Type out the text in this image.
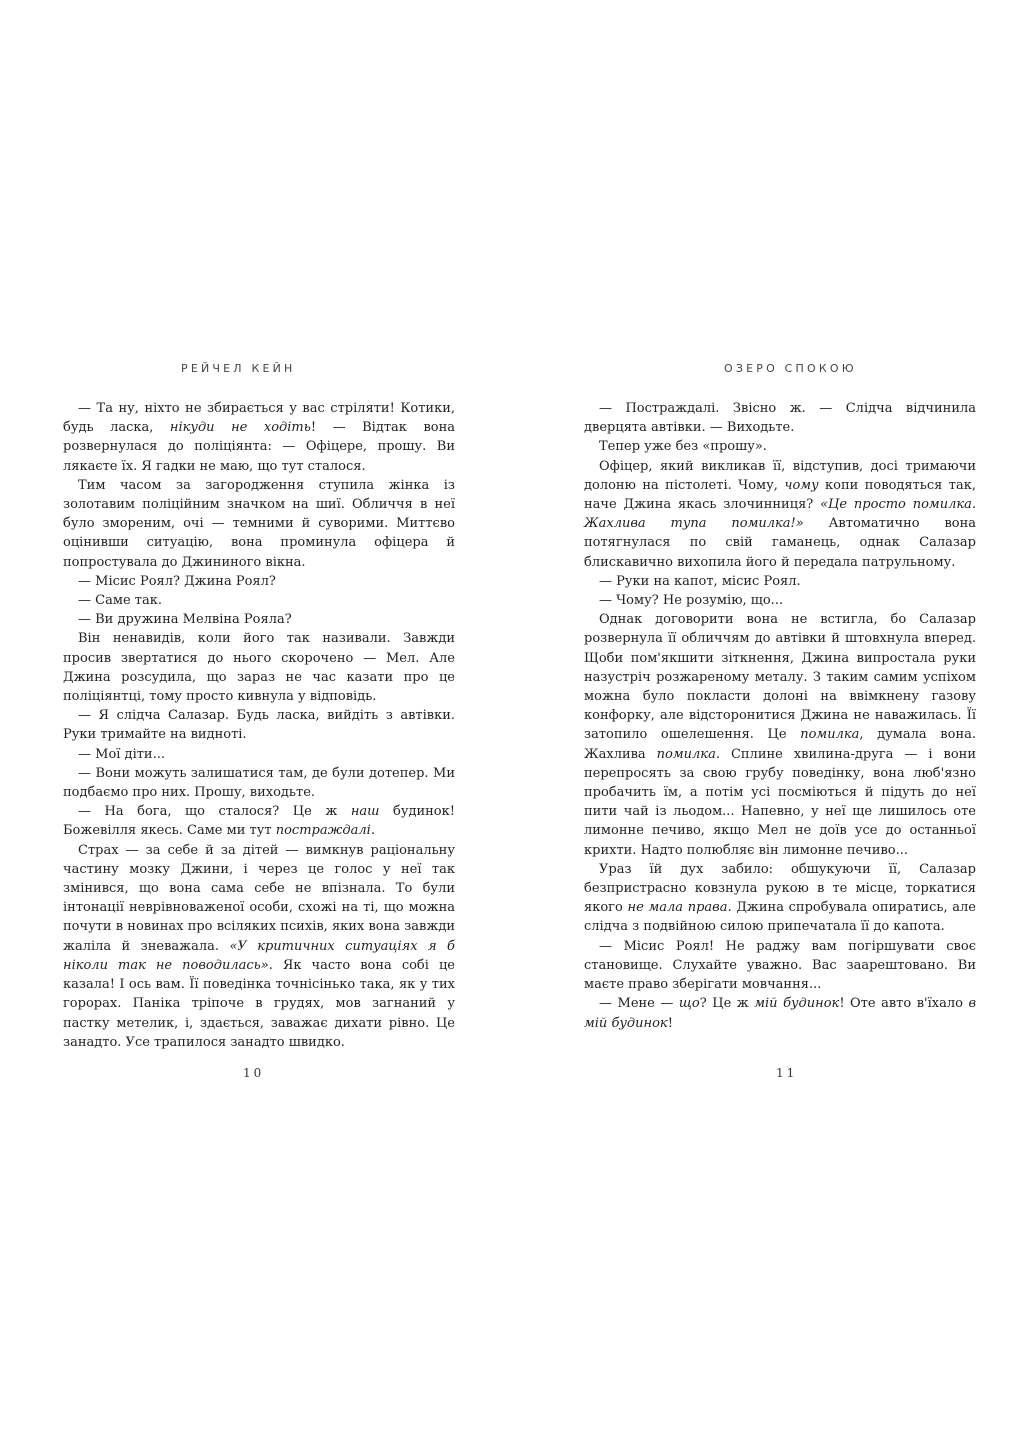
РЕЙЧЕЛ КЕЙН

— Та ну, ніхто не збирається у вас стріляти! Котики, будь ласка, нікуди не ходіть! — Відтак вона розвернулася до поліціянта: — Офіцере, прошу. Ви лякаєте їх. Я гадки не маю, що тут сталося.

Тим часом за загородження ступила жінка із золотавим поліційним значком на шиї. Обличчя в неї було змореним, очі — темними й суворими. Миттєво оцінивши ситуацію, вона проминула офіцера й попростувала до Джининого вікна.

— Місис Роял? Джина Роял?

— Саме так.

— Ви дружина Мелвіна Рояла?

Він ненавидів, коли його так називали. Завжди просив звертатися до нього скорочено — Мел. Але Джина розсудила, що зараз не час казати про це поліціянтці, тому просто кивнула у відповідь.

— Я слідча Салазар. Будь ласка, вийдіть з автівки. Руки тримайте на видноті.

— Мої діти...

— Вони можуть залишатися там, де були дотепер. Ми подбаємо про них. Прошу, виходьте.

— На бога, що сталося? Це ж наш будинок! Божевілля якесь. Саме ми тут постраждалі.

Страх — за себе й за дітей — вимкнув раціональну частину мозку Джини, і через це голос у неї так змінився, що вона сама себе не впізнала. То були інтонації неврівноваженої особи, схожі на ті, що можна почути в новинах про всіляких психів, яких вона завжди жаліла й зневажала. «У критичних ситуаціях я б ніколи так не поводилась». Як часто вона собі це казала! І ось вам. Її поведінка точнісінько така, як у тих горорах. Паніка тріпоче в грудях, мов загнаний у пастку метелик, і, здається, заважає дихати рівно. Це занадто. Усе трапилося занадто швидко.

10
ОЗЕРО СПОКОЮ

— Постраждалі. Звісно ж. — Слідча відчинила дверцята автівки. — Виходьте.

Тепер уже без «прошу».

Офіцер, який викликав її, відступив, досі тримаючи долоню на пістолеті. Чому, чому копи поводяться так, наче Джина якась злочинниця? «Це просто помилка. Жахлива тупа помилка!» Автоматично вона потягнулася по свій гаманець, однак Салазар блискавично вихопила його й передала патрульному.

— Руки на капот, місис Роял.

— Чому? Не розумію, що...

Однак договорити вона не встигла, бо Салазар розвернула її обличчям до автівки й штовхнула вперед. Щоби пом'якшити зіткнення, Джина випростала руки назустріч розжареному металу. З таким самим успіхом можна було покласти долоні на ввімкнену газову конфорку, але відсторонитися Джина не наважилась. Її затопило ошелешення. Це помилка, думала вона. Жахлива помилка. Сплине хвилина-друга — і вони перепросять за свою грубу поведінку, вона люб'язно пробачить їм, а потім усі посміються й підуть до неї пити чай із льодом... Напевно, у неї ще лишилось оте лимонне печиво, якщо Мел не доїв усе до останньої крихти. Надто полюбляє він лимонне печиво...

Ураз їй дух забило: обшукуючи її, Салазар безпристрасно ковзнула рукою в те місце, торкатися якого не мала права. Джина спробувала опиратись, але слідча з подвійною силою припечатала її до капота.

— Місис Роял! Не раджу вам погіршувати своє становище. Слухайте уважно. Вас заарештовано. Ви маєте право зберігати мовчання...

— Мене — що? Це ж мій будинок! Оте авто в'їхало в мій будинок!

11
